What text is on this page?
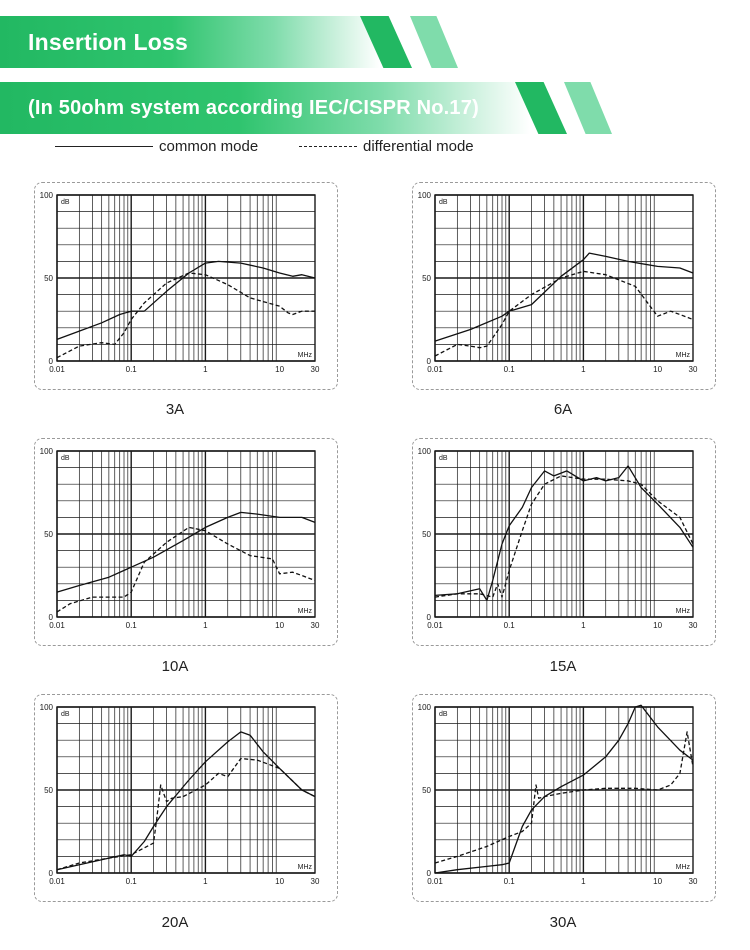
Insertion Loss
(In 50ohm system according IEC/CISPR No.17)
common mode	differential mode
0.01	0.1	1	10	30
0
50
100
dB
MHz
3A
0.01	0.1	1	10	30
0
50
100
dB
MHz
6A
0.01	0.1	1	10	30
0
50
100
dB
MHz
10A
0.01	0.1	1	10	30
0
50
100
dB
MHz
15A
0.01	0.1	1	10	30
0
50
100
dB
MHz
20A
0.01	0.1	1	10	30
0
50
100
dB
MHz
30A
